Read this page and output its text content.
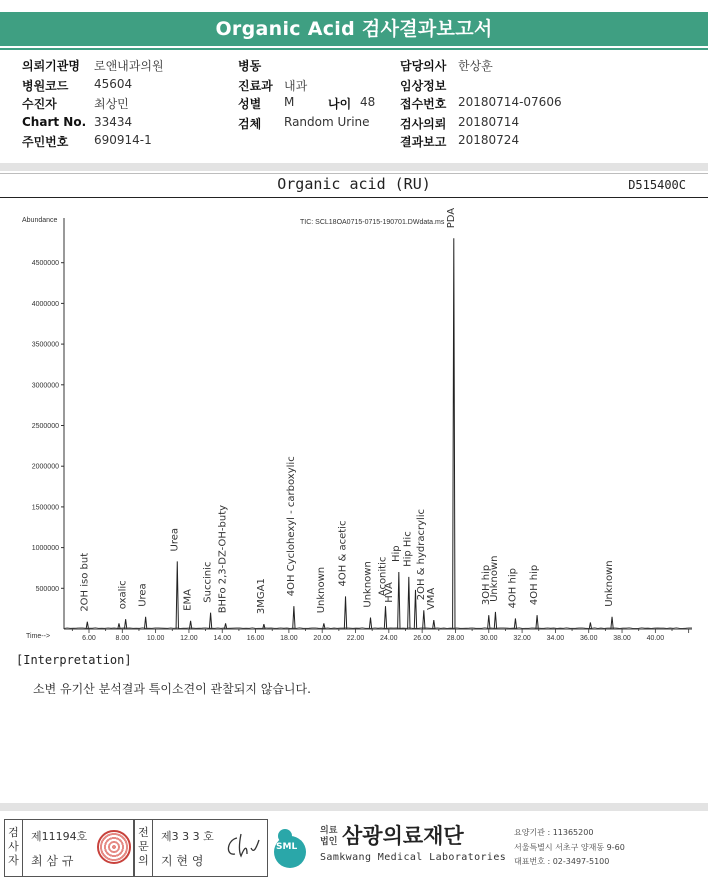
Organic Acid 검사결과보고서
의뢰기관명 로앤내과의원
병원코드 45604
수진자	최상민
Chart No. 33434
주민번호 690914-1
병동
진료과 내과
성별 M	나이 48
검체 Random Urine
담당의사 한상훈
임상정보
접수번호 20180714-07606
검사의뢰 20180714
결과보고 20180724
Organic acid (RU)	D515400C
Abundance
Time-->
TIC: SCL18OA0715-0715-190701.DWdata.ms
500000
1000000
1500000
2000000
2500000
3000000
3500000
4000000
4500000
6.00	8.00	10.00 12.00 14.00 16.00 18.00 20.00 22.00 24.00 26.00 28.00 30.00 32.00 34.00 36.00 38.00 40.00
2OH iso but	oxalic Urea
Urea
EMA Succinic BHFo 2,3-DZ-OH-buty	3MGA1 4OH Cyclohexyl - carboxylic Unknown
4OH & acetic Unknown Aconitic
HVA
Hip Hip Hic 2OH & hydracrylic
VMA
PDA
3OH hip
Unknown 4OH hip 4OH hip	Unknown
[Interpretation]
소변 유기산 분석결과 특이소견이 관찰되지 않습니다.
검사자
제11194호
최 삼 규
전문의
제3 3 3 호
지 현 영
SML
의료 법인 삼광의료재단
Samkwang Medical Laboratories
요양기관 : 11365200
서울특별시 서초구 양재동 9-60
대표번호 : 02-3497-5100
